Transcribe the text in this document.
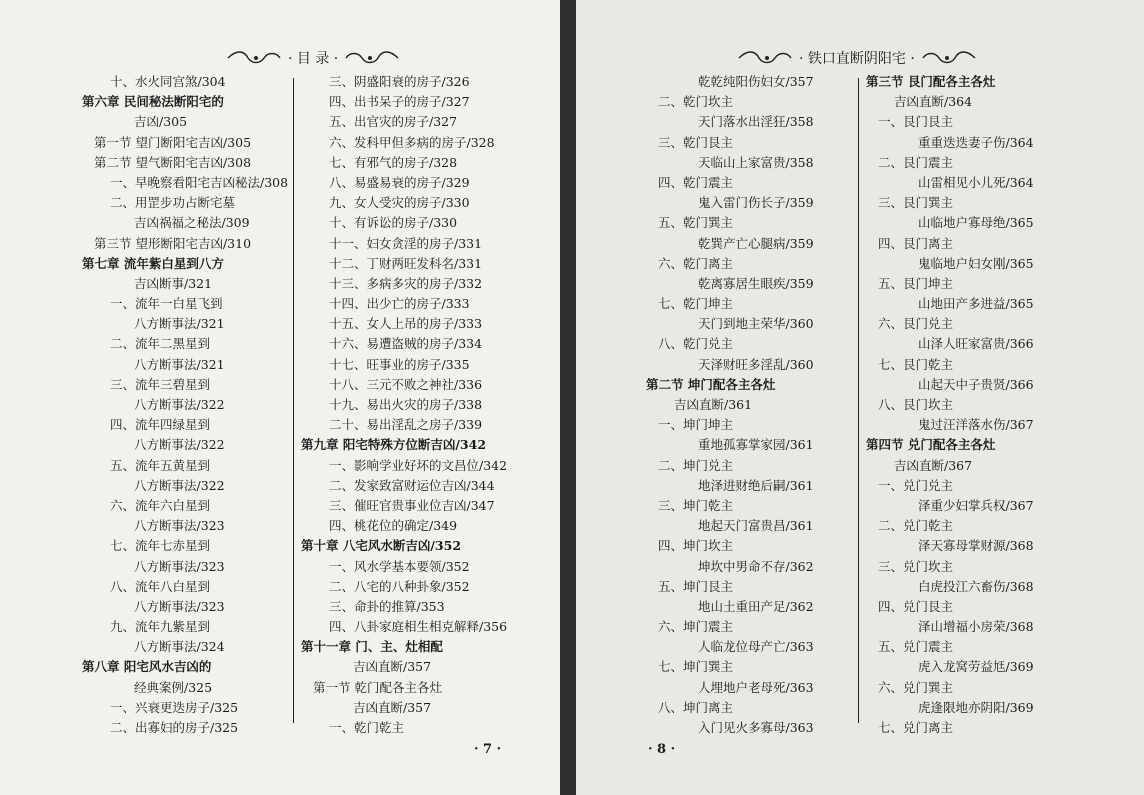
· 目 录 ·
十、水火同宫煞/304
第六章 民间秘法断阳宅的
吉凶/305
第一节 望门断阳宅吉凶/305
第二节 望气断阳宅吉凶/308
一、早晚察看阳宅吉凶秘法/308
二、用罡步功占断宅墓
吉凶祸福之秘法/309
第三节 望形断阳宅吉凶/310
第七章 流年紫白星到八方
吉凶断事/321
一、流年一白星飞到
八方断事法/321
二、流年二黑星到
八方断事法/321
三、流年三碧星到
八方断事法/322
四、流年四绿星到
八方断事法/322
五、流年五黄星到
八方断事法/322
六、流年六白星到
八方断事法/323
七、流年七赤星到
八方断事法/323
八、流年八白星到
八方断事法/323
九、流年九紫星到
八方断事法/324
第八章 阳宅风水吉凶的
经典案例/325
一、兴衰更迭房子/325
二、出寡妇的房子/325
三、阴盛阳衰的房子/326
四、出书呆子的房子/327
五、出官灾的房子/327
六、发科甲但多病的房子/328
七、有邪气的房子/328
八、易盛易衰的房子/329
九、女人受灾的房子/330
十、有诉讼的房子/330
十一、妇女贪淫的房子/331
十二、丁财两旺发科名/331
十三、多病多灾的房子/332
十四、出少亡的房子/333
十五、女人上吊的房子/333
十六、易遭盗贼的房子/334
十七、旺事业的房子/335
十八、三元不败之神社/336
十九、易出火灾的房子/338
二十、易出淫乱之房子/339
第九章 阳宅特殊方位断吉凶/342
一、影响学业好坏的文昌位/342
二、发家致富财运位吉凶/344
三、催旺官贵事业位吉凶/347
四、桃花位的确定/349
第十章 八宅风水断吉凶/352
一、风水学基本要领/352
二、八宅的八种卦象/352
三、命卦的推算/353
四、八卦家庭相生相克解释/356
第十一章 门、主、灶相配
吉凶直断/357
第一节 乾门配各主各灶
吉凶直断/357
一、乾门乾主
· 7 ·
· 铁口直断阴阳宅 ·
乾乾纯阳伤妇女/357
二、乾门坎主
天门落水出淫狂/358
三、乾门艮主
天临山上家富贵/358
四、乾门震主
鬼入雷门伤长子/359
五、乾门巽主
乾巽产亡心腿病/359
六、乾门离主
乾离寡居生眼疾/359
七、乾门坤主
天门到地主荣华/360
八、乾门兑主
天泽财旺多淫乱/360
第二节 坤门配各主各灶
吉凶直断/361
一、坤门坤主
重地孤寡掌家园/361
二、坤门兑主
地泽进财绝后嗣/361
三、坤门乾主
地起天门富贵昌/361
四、坤门坎主
坤坎中男命不存/362
五、坤门艮主
地山土重田产足/362
六、坤门震主
人临龙位母产亡/363
七、坤门巽主
人埋地户老母死/363
八、坤门离主
入门见火多寡母/363
第三节 艮门配各主各灶
吉凶直断/364
一、艮门艮主
重重迭迭妻子伤/364
二、艮门震主
山雷相见小儿死/364
三、艮门巽主
山临地户寡母绝/365
四、艮门离主
鬼临地户妇女刚/365
五、艮门坤主
山地田产多进益/365
六、艮门兑主
山泽人旺家富贵/366
七、艮门乾主
山起天中子贵贤/366
八、艮门坎主
鬼过汪洋落水伤/367
第四节 兑门配各主各灶
吉凶直断/367
一、兑门兑主
泽重少妇掌兵权/367
二、兑门乾主
泽天寡母掌财源/368
三、兑门坎主
白虎投江六畜伤/368
四、兑门艮主
泽山增福小房荣/368
五、兑门震主
虎入龙窝劳益尪/369
六、兑门巽主
虎逢限地亦阴阳/369
七、兑门离主
· 8 ·
